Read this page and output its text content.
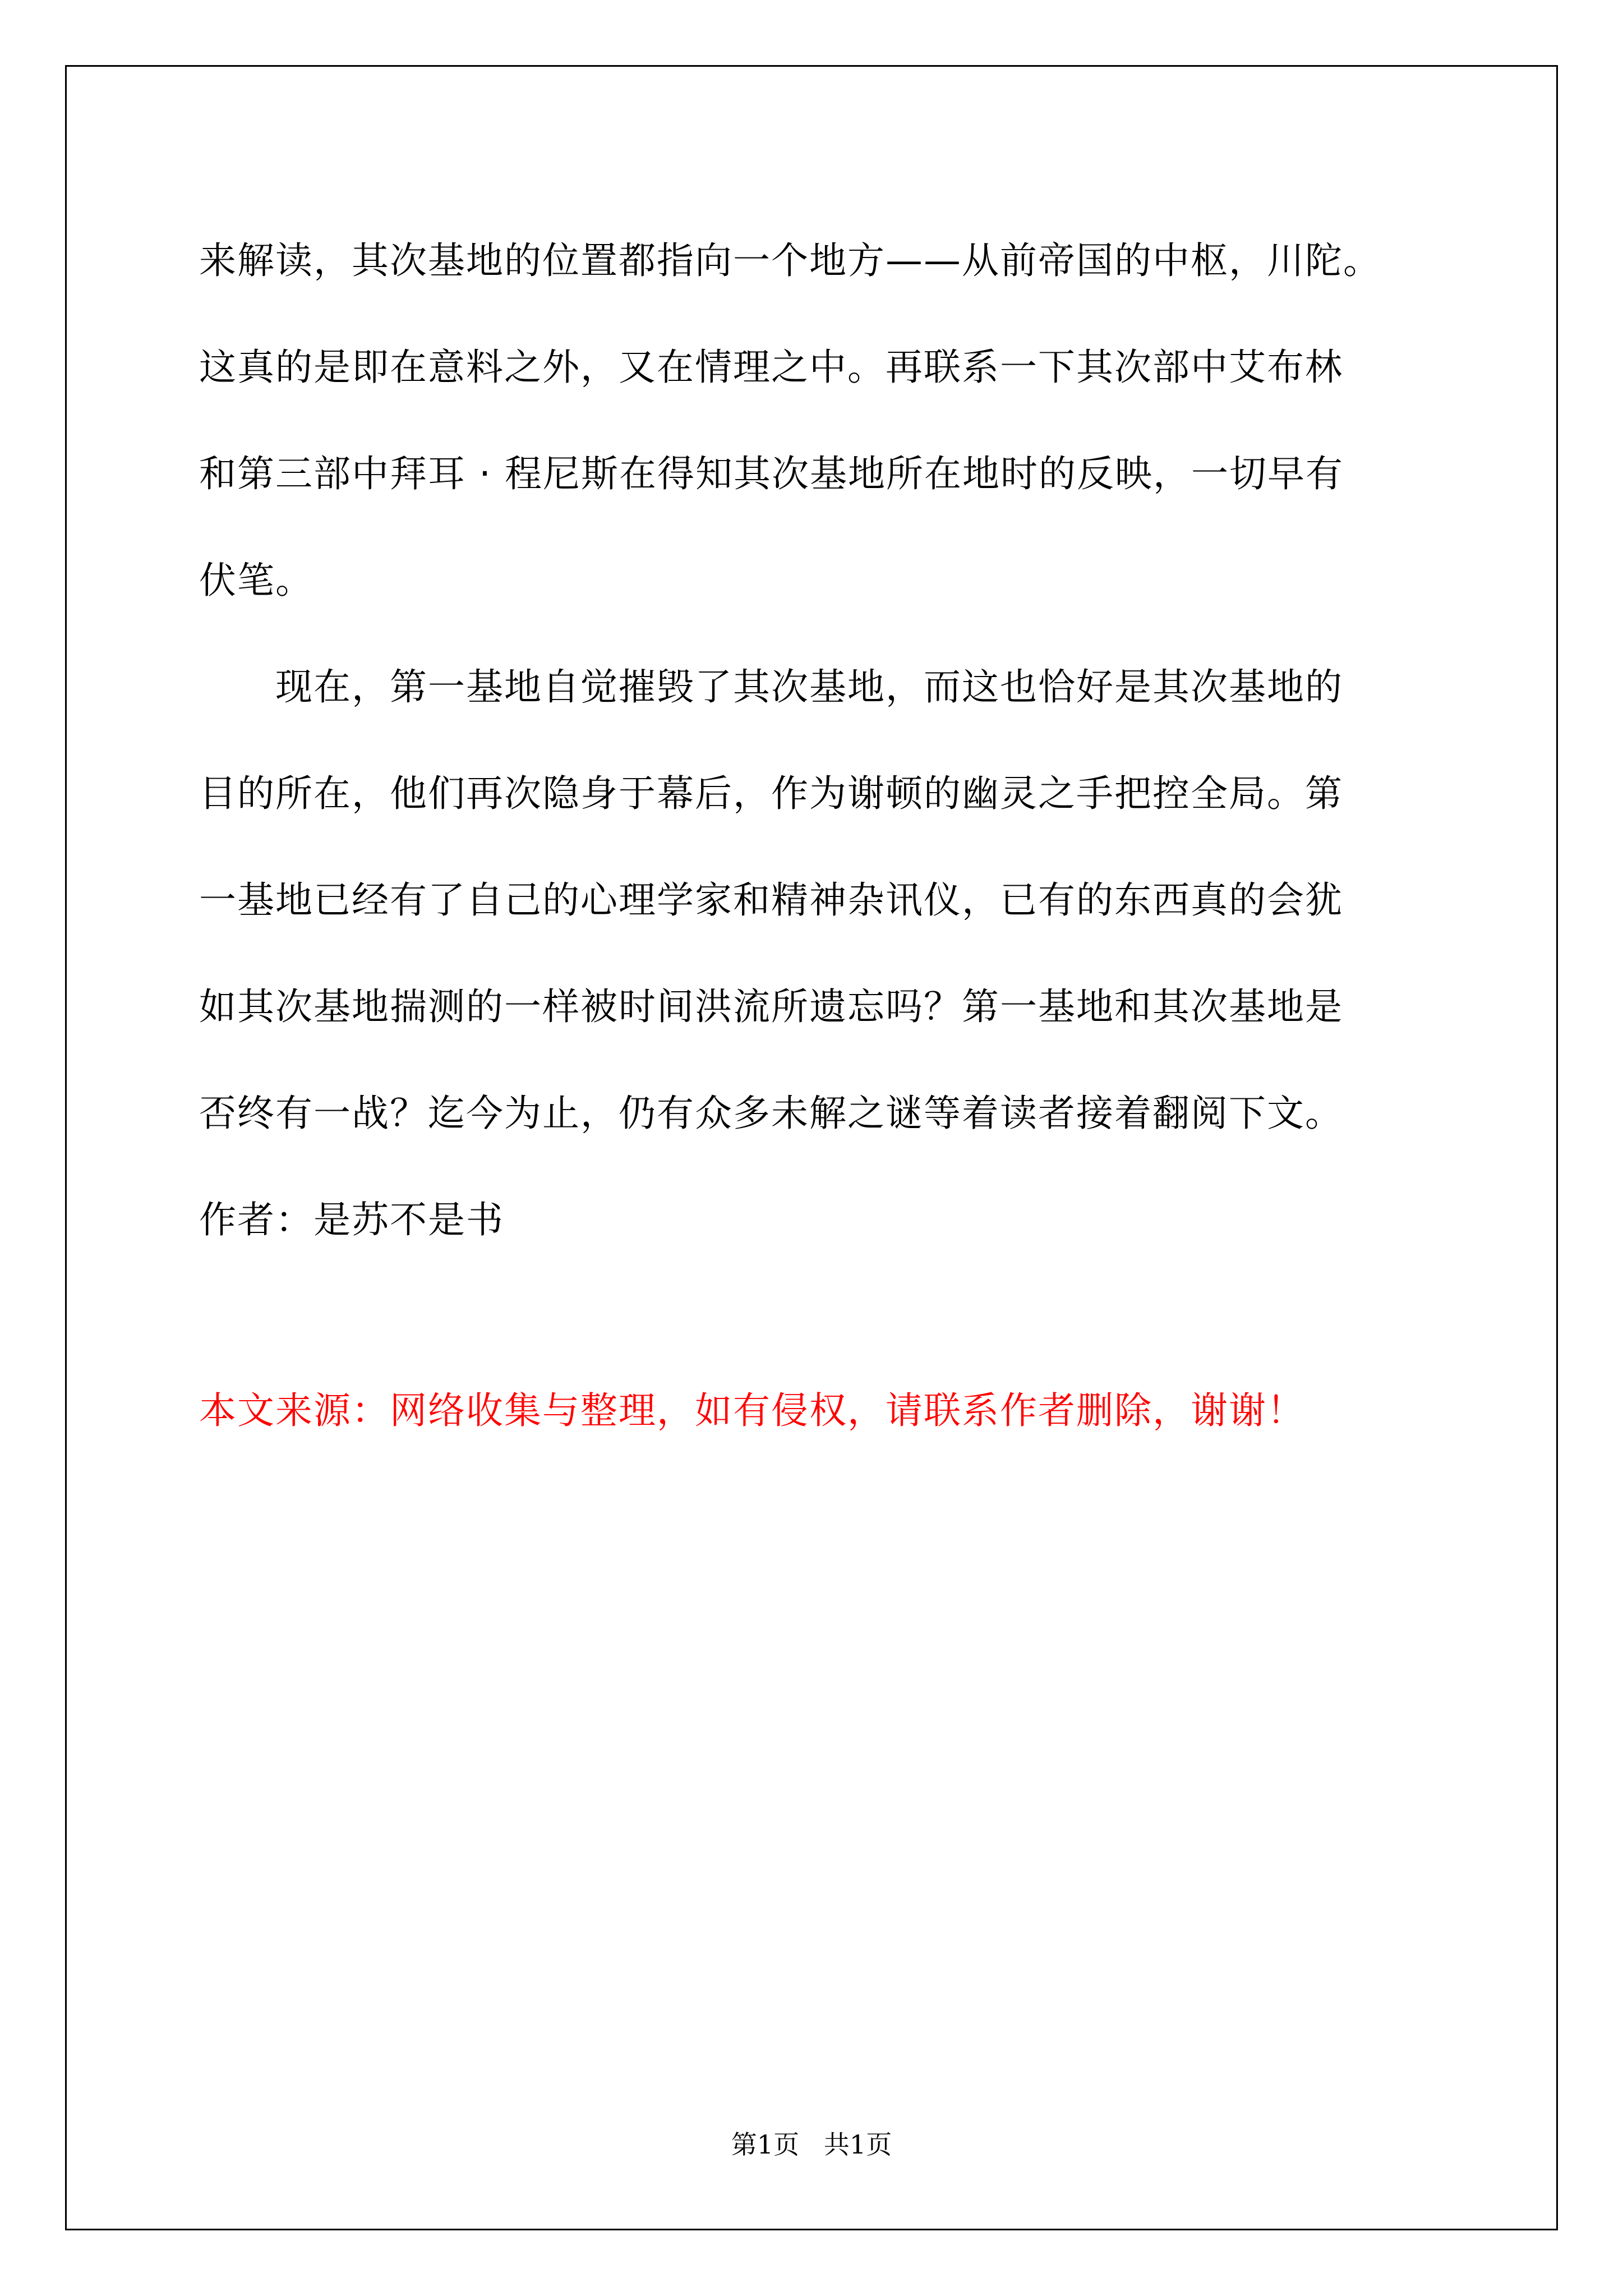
来解读，其次基地的位置都指向一个地方——从前帝国的中枢，川陀。
这真的是即在意料之外，又在情理之中。再联系一下其次部中艾布林
和第三部中拜耳 · 程尼斯在得知其次基地所在地时的反映，一切早有
伏笔。
　　现在，第一基地自觉摧毁了其次基地，而这也恰好是其次基地的
目的所在，他们再次隐身于幕后，作为谢顿的幽灵之手把控全局。第
一基地已经有了自己的心理学家和精神杂讯仪，已有的东西真的会犹
如其次基地揣测的一样被时间洪流所遗忘吗？第一基地和其次基地是
否终有一战？迄今为止，仍有众多未解之谜等着读者接着翻阅下文。
作者：是苏不是书
本文来源：网络收集与整理，如有侵权，请联系作者删除，谢谢！
第1页   共1页
